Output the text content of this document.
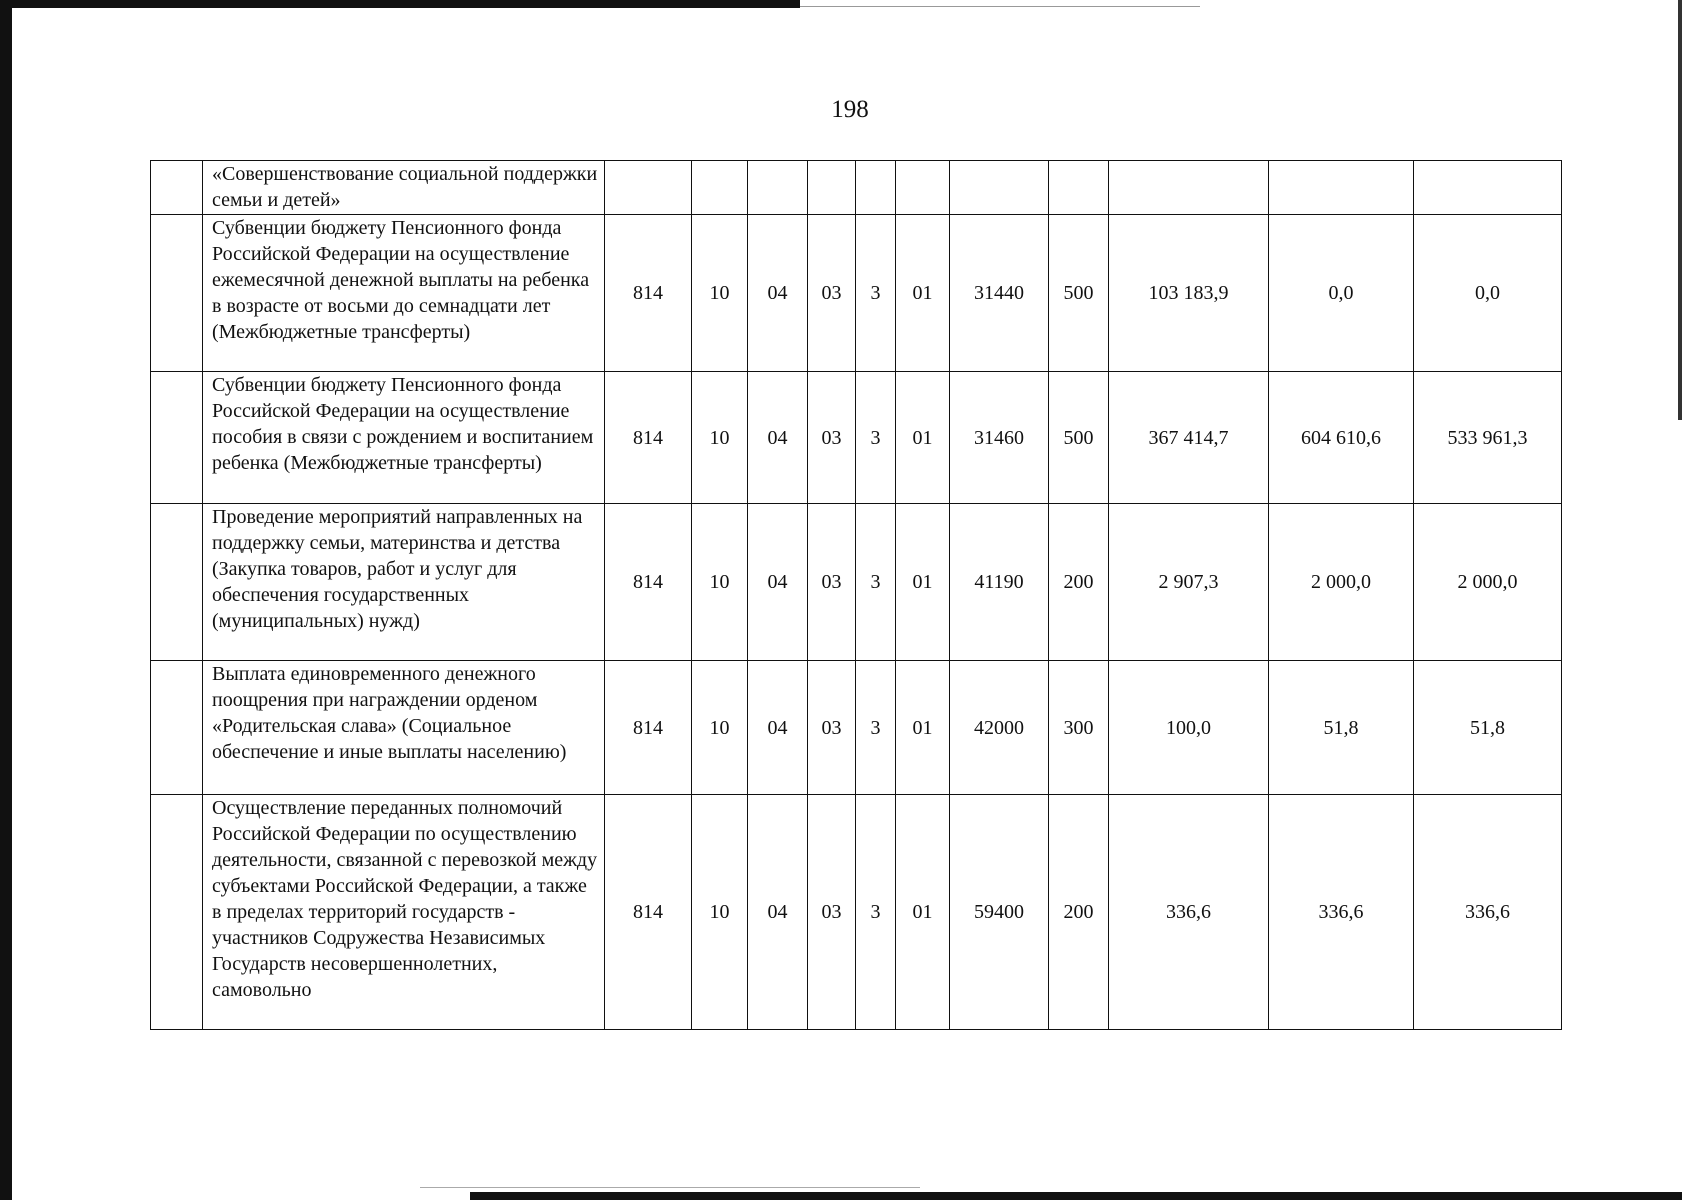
198
	«Совершенствование социальной поддержки семьи и детей»											
	Субвенции бюджету Пенсионного фонда Российской Федерации на осуществление ежемесячной денежной выплаты на ребенка в возрасте от восьми до семнадцати лет (Межбюджетные трансферты)	814	10	04	03	3	01	31440	500	103 183,9	0,0	0,0
	Субвенции бюджету Пенсионного фонда Российской Федерации на осуществление пособия в связи с рождением и воспитанием ребенка (Межбюджетные трансферты)	814	10	04	03	3	01	31460	500	367 414,7	604 610,6	533 961,3
	Проведение мероприятий направленных на поддержку семьи, материнства и детства (Закупка товаров, работ и услуг для обеспечения государственных (муниципальных) нужд)	814	10	04	03	3	01	41190	200	2 907,3	2 000,0	2 000,0
	Выплата единовременного денежного поощрения при награждении орденом «Родительская слава» (Социальное обеспечение и иные выплаты населению)	814	10	04	03	3	01	42000	300	100,0	51,8	51,8
	Осуществление переданных полномочий Российской Федерации по осуществлению деятельности, связанной с перевозкой между субъектами Российской Федерации, а также в пределах территорий государств - участников Содружества Независимых Государств несовершеннолетних, самовольно	814	10	04	03	3	01	59400	200	336,6	336,6	336,6
